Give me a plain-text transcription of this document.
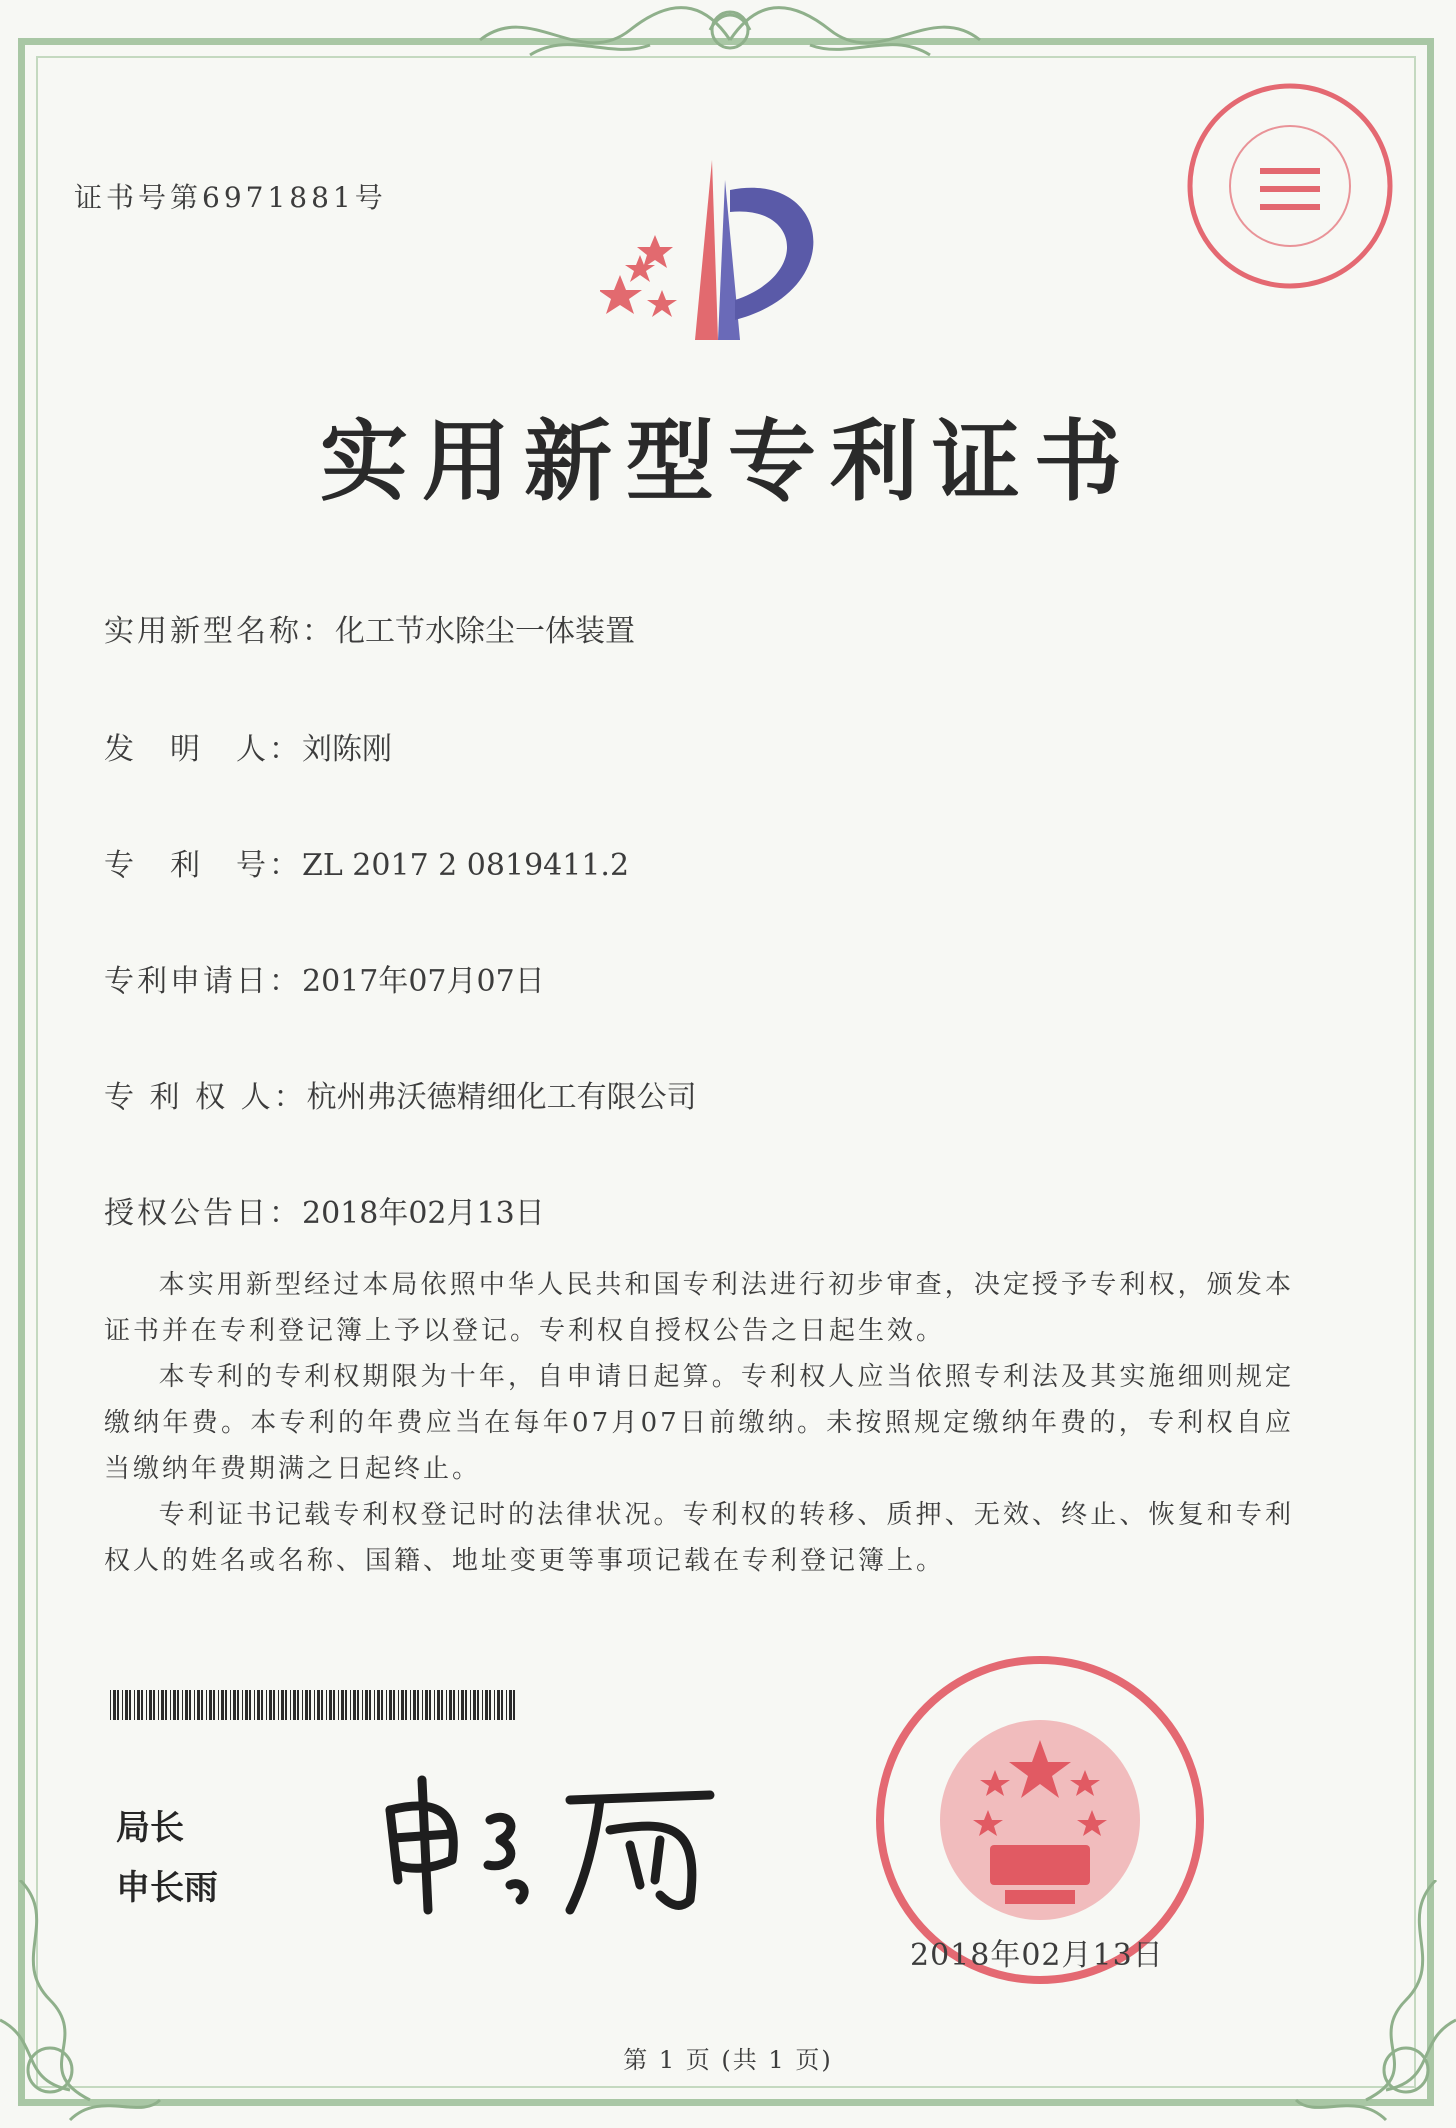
证书号第6971881号
实用新型专利证书
实用新型名称：化工节水除尘一体装置
发　明　人：刘陈刚
专　利　号：ZL 2017 2 0819411.2
专利申请日：2017年07月07日
专 利 权 人：杭州弗沃德精细化工有限公司
授权公告日：2018年02月13日

本实用新型经过本局依照中华人民共和国专利法进行初步审查，决定授予专利权，颁发本证书并在专利登记簿上予以登记。专利权自授权公告之日起生效。

本专利的专利权期限为十年，自申请日起算。专利权人应当依照专利法及其实施细则规定缴纳年费。本专利的年费应当在每年07月07日前缴纳。未按照规定缴纳年费的，专利权自应当缴纳年费期满之日起终止。

专利证书记载专利权登记时的法律状况。专利权的转移、质押、无效、终止、恢复和专利权人的姓名或名称、国籍、地址变更等事项记载在专利登记簿上。

局长
申长雨
2018年02月13日
第 1 页 (共 1 页)
